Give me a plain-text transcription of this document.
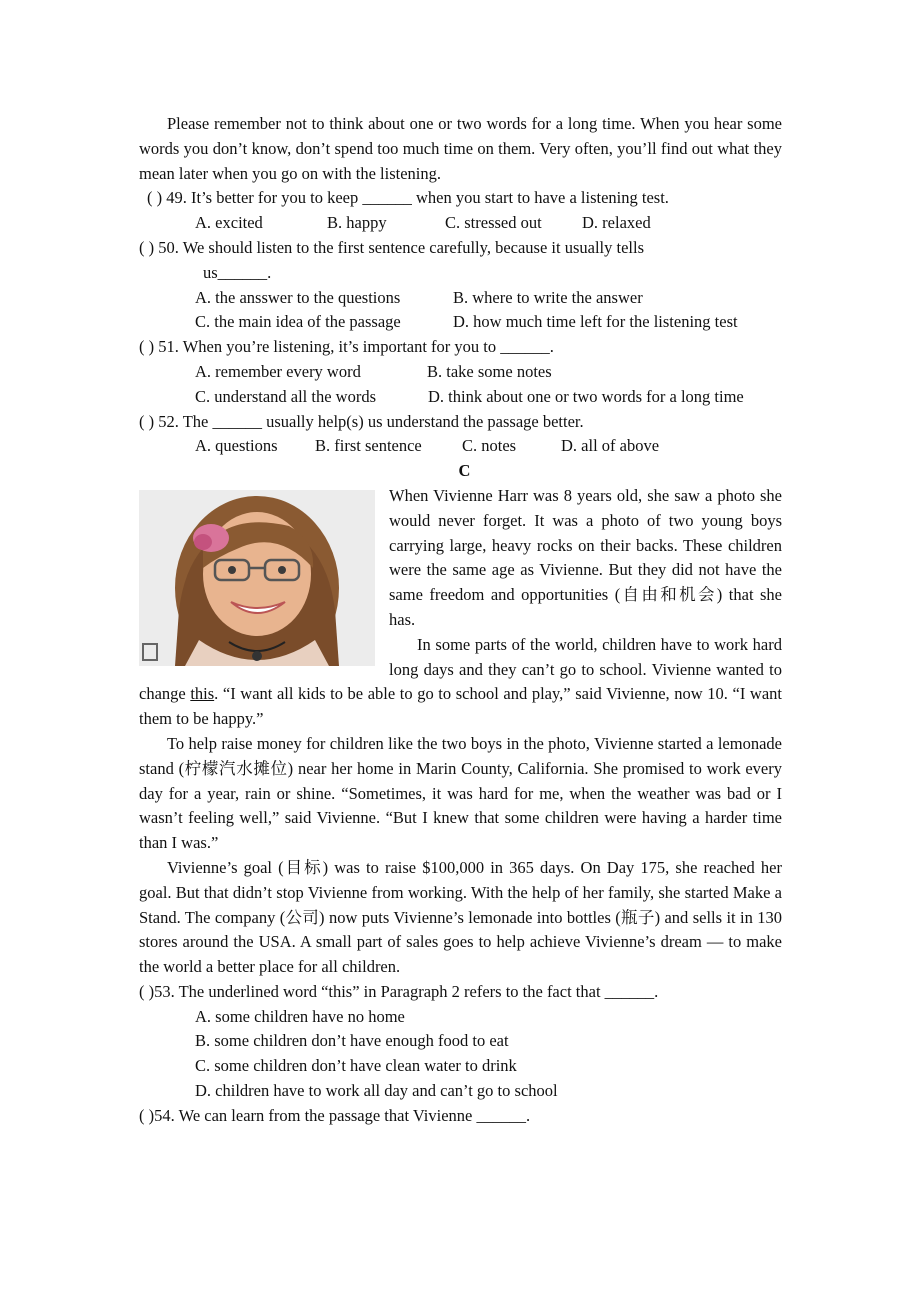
Please remember not to think about one or two words for a long time. When you hear some words you don’t know, don’t spend too much time on them. Very often, you’ll find out what they mean later when you go on with the listening.

( ) 49. It’s better for you to keep ______ when you start to have a listening test.

A. excited	B. happy	C. stressed out D. relaxed

( ) 50. We should listen to the first sentence carefully, because it usually tells

us______.

A. the ansswer to the questions	B. where to write the answer

C. the main idea of the passage	D. how much time left for the listening test

( ) 51. When you’re listening, it’s important for you to ______.

A. remember every word	B. take some notes

C. understand all the words	D. think about one or two words for a long time

( ) 52. The ______ usually help(s) us understand the passage better.

A. questions B. first sentence C. notes	D. all of above

C

When Vivienne Harr was 8 years old, she saw a photo she would never forget. It was a photo of two young boys carrying large, heavy rocks on their backs. These children were the same age as Vivienne. But they did not have the same freedom and opportunities (自由和机会) that she has.

In some parts of the world, children have to work hard long days and they can’t go to school. Vivienne wanted to change this. “I want all kids to be able to go to school and play,” said Vivienne, now 10. “I want them to be happy.”

To help raise money for children like the two boys in the photo, Vivienne started a lemonade stand (柠檬汽水摊位) near her home in Marin County, California. She promised to work every day for a year, rain or shine. “Sometimes, it was hard for me, when the weather was bad or I wasn’t feeling well,” said Vivienne. “But I knew that some children were having a harder time than I was.”

Vivienne’s goal (目标) was to raise $100,000 in 365 days. On Day 175, she reached her goal. But that didn’t stop Vivienne from working. With the help of her family, she started Make a Stand. The company (公司) now puts Vivienne’s lemonade into bottles (瓶子) and sells it in 130 stores around the USA. A small part of sales goes to help achieve Vivienne’s dream — to make the world a better place for all children.

( )53. The underlined word “this” in Paragraph 2 refers to the fact that ______.

A. some children have no home

B. some children don’t have enough food to eat

C. some children don’t have clean water to drink

D. children have to work all day and can’t go to school

( )54. We can learn from the passage that Vivienne ______.
